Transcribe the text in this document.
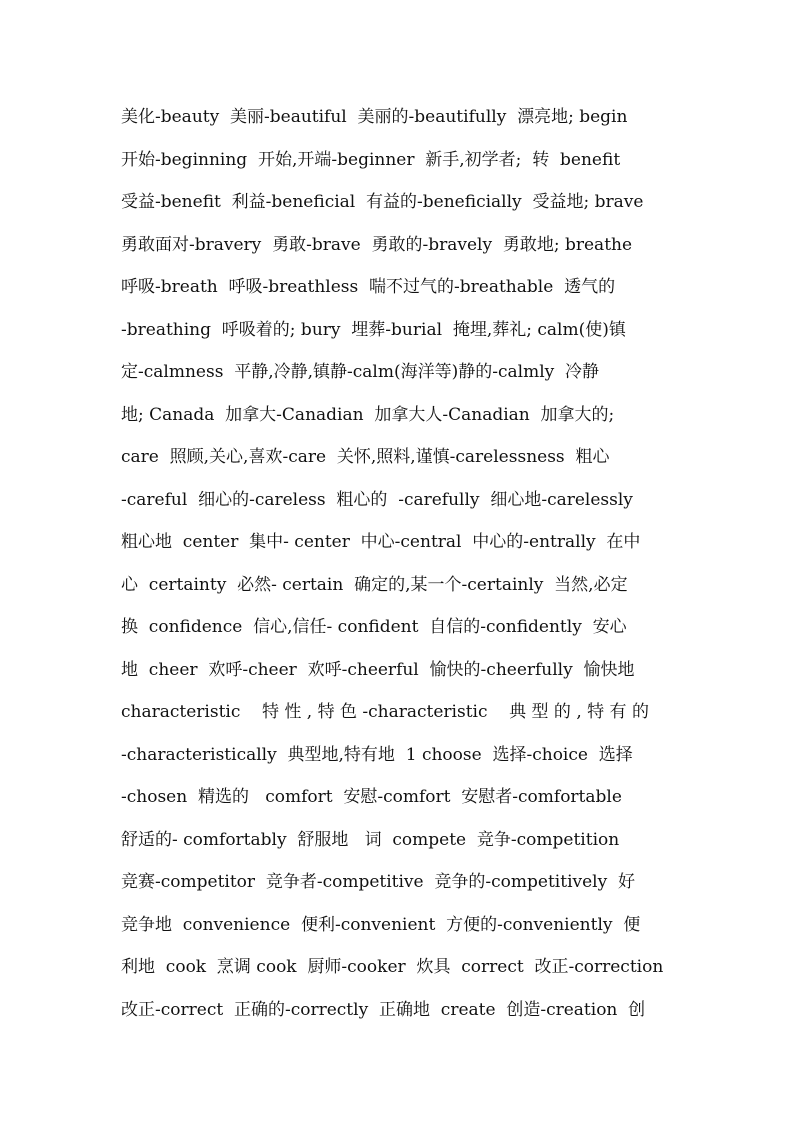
美化-beauty  美丽-beautiful  美丽的-beautifully  漂亮地; begin
开始-beginning  开始,开端-beginner  新手,初学者;  转  benefit
受益-benefit  利益-beneficial  有益的-beneficially  受益地; brave
勇敢面对-bravery  勇敢-brave  勇敢的-bravely  勇敢地; breathe
呼吸-breath  呼吸-breathless  喘不过气的-breathable  透气的
-breathing  呼吸着的; bury  埋葬-burial  掩埋,葬礼; calm(使)镇
定-calmness  平静,冷静,镇静-calm(海洋等)静的-calmly  冷静
地; Canada  加拿大-Canadian  加拿大人-Canadian  加拿大的;
care  照顾,关心,喜欢-care  关怀,照料,谨慎-carelessness  粗心
-careful  细心的-careless  粗心的  -carefully  细心地-carelessly
粗心地  center  集中- center  中心-central  中心的-entrally  在中
心  certainty  必然- certain  确定的,某一个-certainly  当然,必定
换  confidence  信心,信任- confident  自信的-confidently  安心
地  cheer  欢呼-cheer  欢呼-cheerful  愉快的-cheerfully  愉快地
characteristic    特 性 , 特 色 -characteristic    典 型 的 , 特 有 的
-characteristically  典型地,特有地  1 choose  选择-choice  选择
-chosen  精选的   comfort  安慰-comfort  安慰者-comfortable
舒适的- comfortably  舒服地   词  compete  竞争-competition
竞赛-competitor  竞争者-competitive  竞争的-competitively  好
竞争地  convenience  便利-convenient  方便的-conveniently  便
利地  cook  烹调 cook  厨师-cooker  炊具  correct  改正-correction
改正-correct  正确的-correctly  正确地  create  创造-creation  创
